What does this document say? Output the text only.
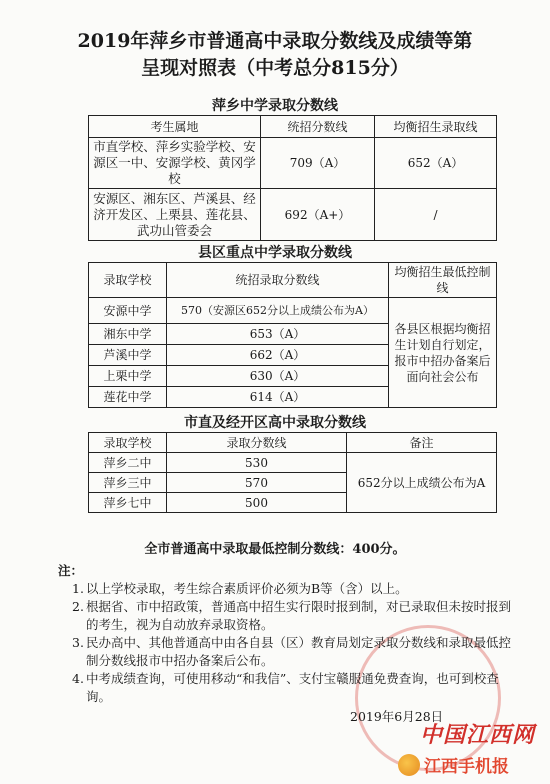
2019年萍乡市普通高中录取分数线及成绩等第
呈现对照表（中考总分815分）
萍乡中学录取分数线
考生属地	统招分数线	均衡招生录取线
市直学校、萍乡实验学校、安源区一中、安源学校、黄冈学校	709（A）	652（A）
安源区、湘东区、芦溪县、经济开发区、上栗县、莲花县、武功山管委会	692（A+）	/
县区重点中学录取分数线
录取学校	统招录取分数线	均衡招生最低控制线
安源中学	570（安源区652分以上成绩公布为A）	各县区根据均衡招生计划自行划定，报市中招办备案后面向社会公布
湘东中学	653（A）	
芦溪中学	662（A）	
上栗中学	630（A）	
莲花中学	614（A）	
市直及经开区高中录取分数线
录取学校	录取分数线	备注
萍乡二中	530	652分以上成绩公布为A
萍乡三中	570	
萍乡七中	500	
全市普通高中录取最低控制分数线：400分。
注：
1. 以上学校录取，考生综合素质评价必须为B等（含）以上。
2. 根据省、市中招政策，普通高中招生实行限时报到制，对已录取但未按时报到的考生，视为自动放弃录取资格。
3. 民办高中、其他普通高中由各自县（区）教育局划定录取分数线和录取最低控制分数线报市中招办备案后公布。
4. 中考成绩查询，可使用移动“和我信”、支付宝赣服通免费查询，也可到校查询。
2019年6月28日
中国江西网
江西手机报
